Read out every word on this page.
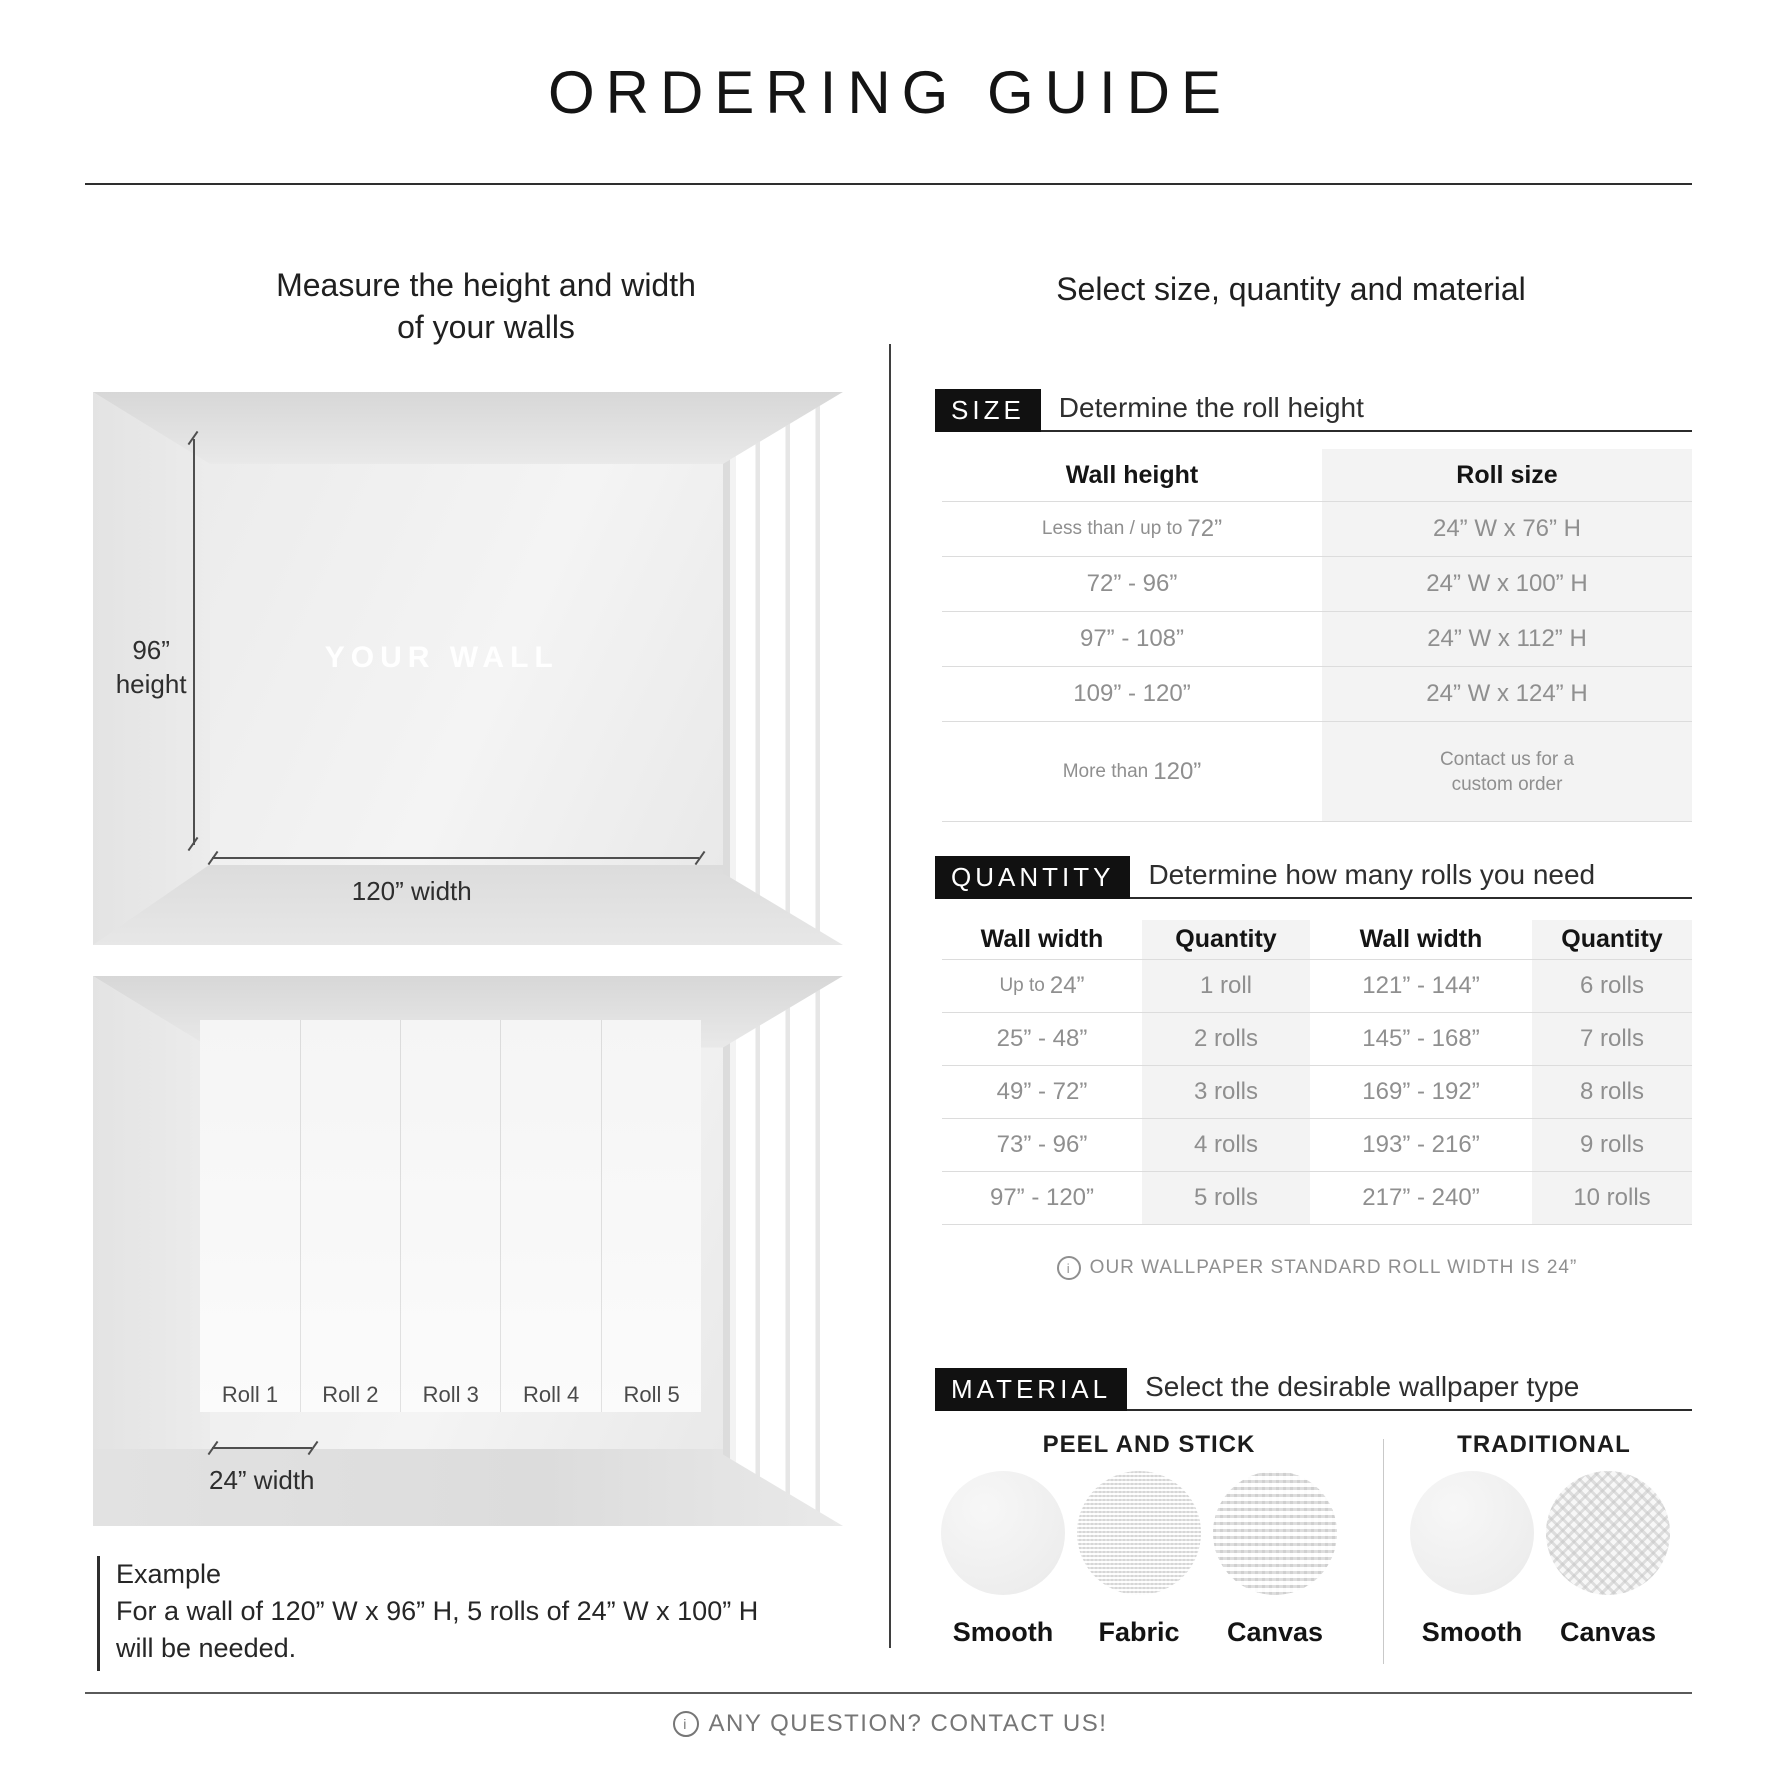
ORDERING GUIDE
Measure the height and width
of your walls
Select size, quantity and material
96”
height
YOUR WALL
120” width
Roll 1	Roll 2	Roll 3	Roll 4	Roll 5
24” width
Example
For a wall of 120” W x 96” H, 5 rolls of 24” W x 100” H
will be needed.
SIZE	Determine the roll height
Wall height	Roll size
Less than / up to 72”	24” W x 76” H
72” - 96”	24” W x 100” H
97” - 108”	24” W x 112” H
109” - 120”	24” W x 124” H
More than 120”	Contact us for a
custom order
QUANTITY	Determine how many rolls you need
Wall width	Quantity	Wall width	Quantity
Up to 24”	1 roll	121” - 144”	6 rolls
25” - 48”	2 rolls	145” - 168”	7 rolls
49” - 72”	3 rolls	169” - 192”	8 rolls
73” - 96”	4 rolls	193” - 216”	9 rolls
97” - 120”	5 rolls	217” - 240”	10 rolls
i	OUR WALLPAPER STANDARD ROLL WIDTH IS 24”
MATERIAL	Select the desirable wallpaper type
PEEL AND STICK
Smooth Fabric Canvas
TRADITIONAL
Smooth Canvas
i ANY QUESTION? CONTACT US!
